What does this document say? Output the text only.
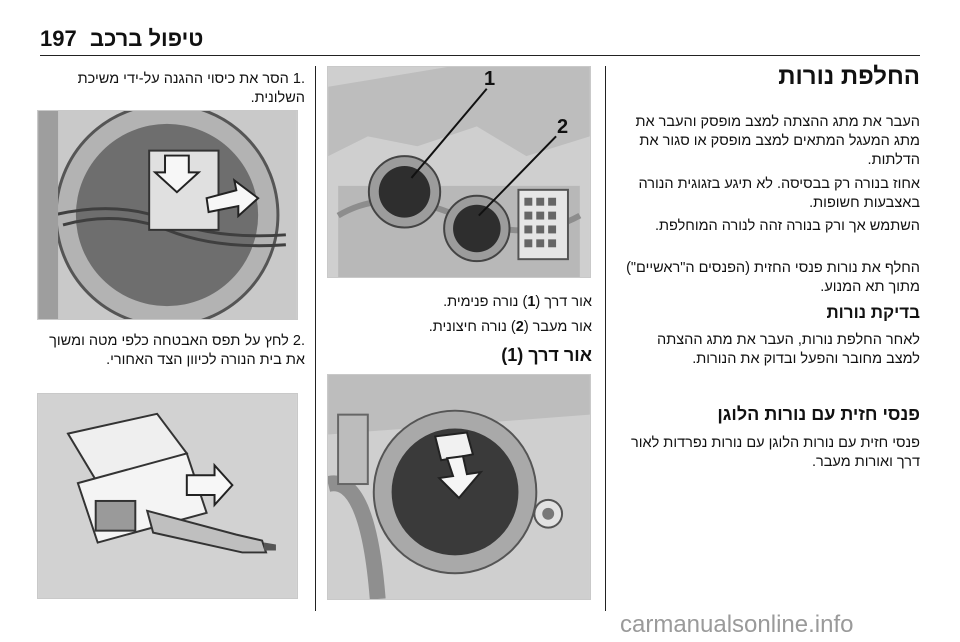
197 טיפול ברכב
החלפת נורות
העבר את מתג ההצתה למצב מופסק והעבר את מתג המעגל המתאים למצב מופסק או סגור את הדלתות.
אחוז בנורה רק בבסיסה. לא תיגע בזגוגית הנורה באצבעות חשופות.
השתמש אך ורק בנורה זהה לנורה המוחלפת.
החלף את נורות פנסי החזית (הפנסים ה"ראשיים") מתוך תא המנוע.
בדיקת נורות
לאחר החלפת נורות, העבר את מתג ההצתה למצב מחובר והפעל ובדוק את הנורות.
פנסי חזית עם נורות הלוגן
פנסי חזית עם נורות הלוגן עם נורות נפרדות לאור דרך ואורות מעבר.
1
2
אור דרך (1) נורה פנימית.
אור מעבר (2) נורה חיצונית.
אור דרך (1)
.1 הסר את כיסוי ההגנה על-ידי משיכת השלונית.
.2 לחץ על תפס האבטחה כלפי מטה ומשוך את בית הנורה לכיוון הצד האחורי.
carmanualsonline.info
